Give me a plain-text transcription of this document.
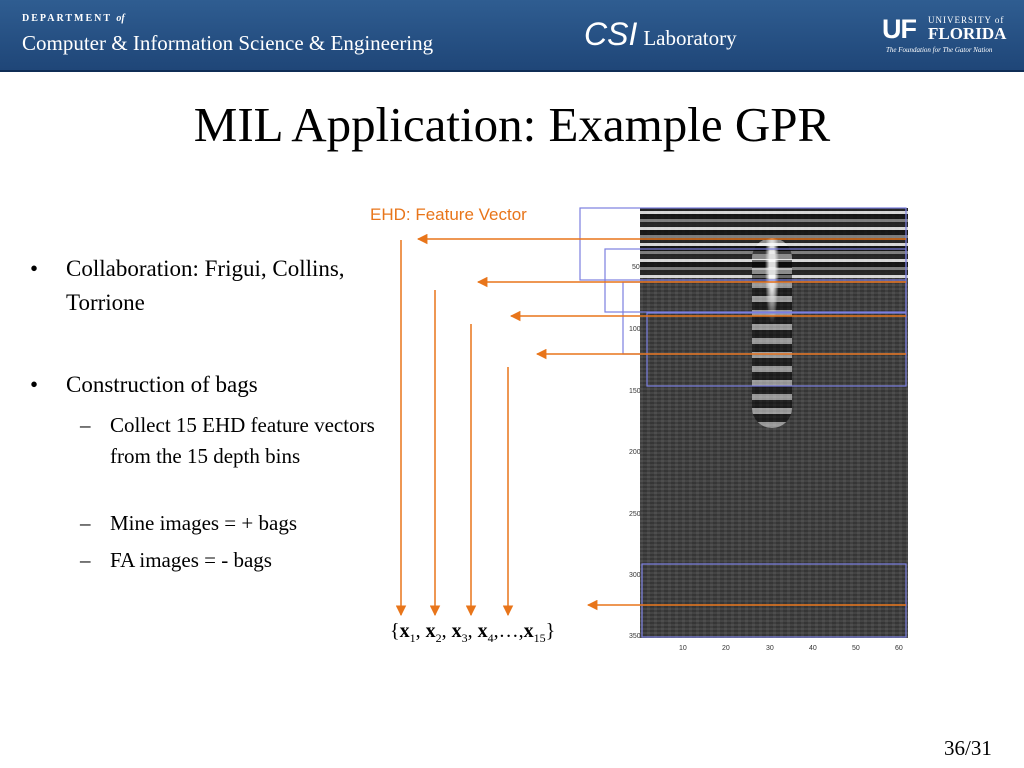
DEPARTMENT of
Computer & Information Science & Engineering	CSI Laboratory	UF UNIVERSITY of
FLORIDA
The Foundation for The Gator Nation
MIL Application: Example GPR
• Collaboration: Frigui, Collins, Torrione
• Construction of bags
– Collect 15 EHD feature vectors from the 15 depth bins
– Mine images = + bags
– FA images = - bags
EHD: Feature Vector
50
100
150
200
250
300
350
10	20	30	40	50	60
{$x_1$, $x_2$, $x_3$, $x_4,\dots,x_{15}$}
36/31
